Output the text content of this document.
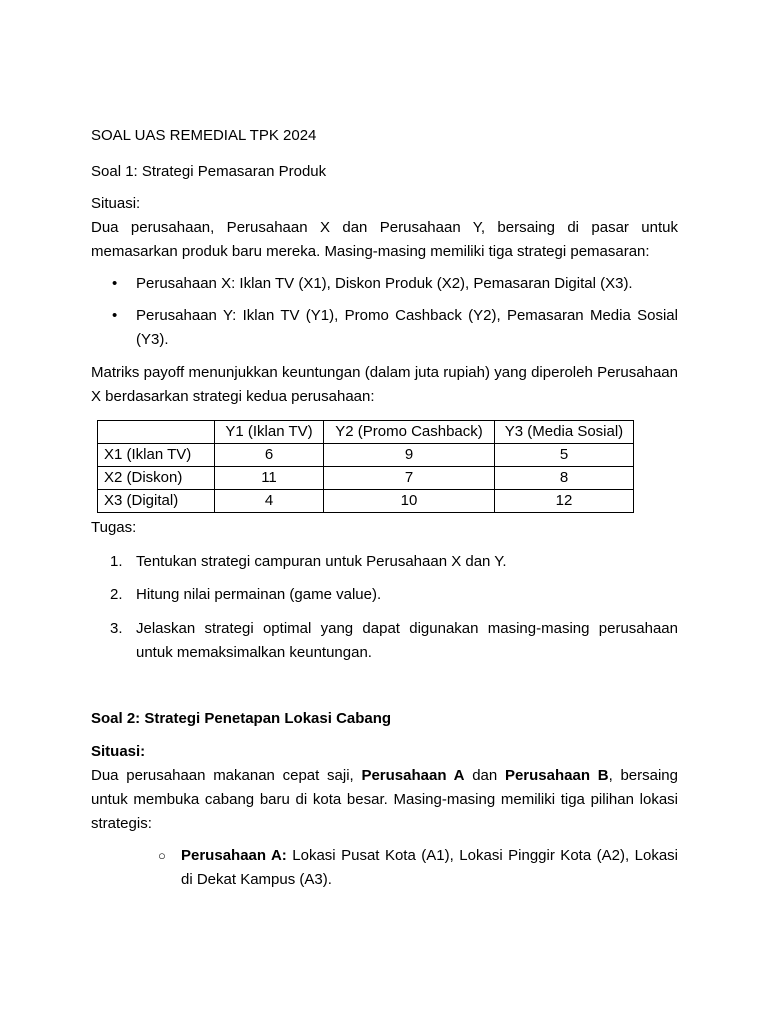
SOAL UAS REMEDIAL TPK 2024

Soal 1: Strategi Pemasaran Produk

Situasi:

Dua perusahaan, Perusahaan X dan Perusahaan Y, bersaing di pasar untuk memasarkan produk baru mereka. Masing-masing memiliki tiga strategi pemasaran:

•	Perusahaan X: Iklan TV (X1), Diskon Produk (X2), Pemasaran Digital (X3).

•	Perusahaan Y: Iklan TV (Y1), Promo Cashback (Y2), Pemasaran Media Sosial (Y3).

Matriks payoff menunjukkan keuntungan (dalam juta rupiah) yang diperoleh Perusahaan X berdasarkan strategi kedua perusahaan:

	Y1 (Iklan TV)	Y2 (Promo Cashback)	Y3 (Media Sosial)
X1 (Iklan TV)	6	9	5
X2 (Diskon)	11	7	8
X3 (Digital)	4	10	12

Tugas:

1. Tentukan strategi campuran untuk Perusahaan X dan Y.

2. Hitung nilai permainan (game value).

3. Jelaskan strategi optimal yang dapat digunakan masing-masing perusahaan untuk memaksimalkan keuntungan.

Soal 2: Strategi Penetapan Lokasi Cabang

Situasi:

Dua perusahaan makanan cepat saji, Perusahaan A dan Perusahaan B, bersaing untuk membuka cabang baru di kota besar. Masing-masing memiliki tiga pilihan lokasi strategis:

○ Perusahaan A: Lokasi Pusat Kota (A1), Lokasi Pinggir Kota (A2), Lokasi di Dekat Kampus (A3).
